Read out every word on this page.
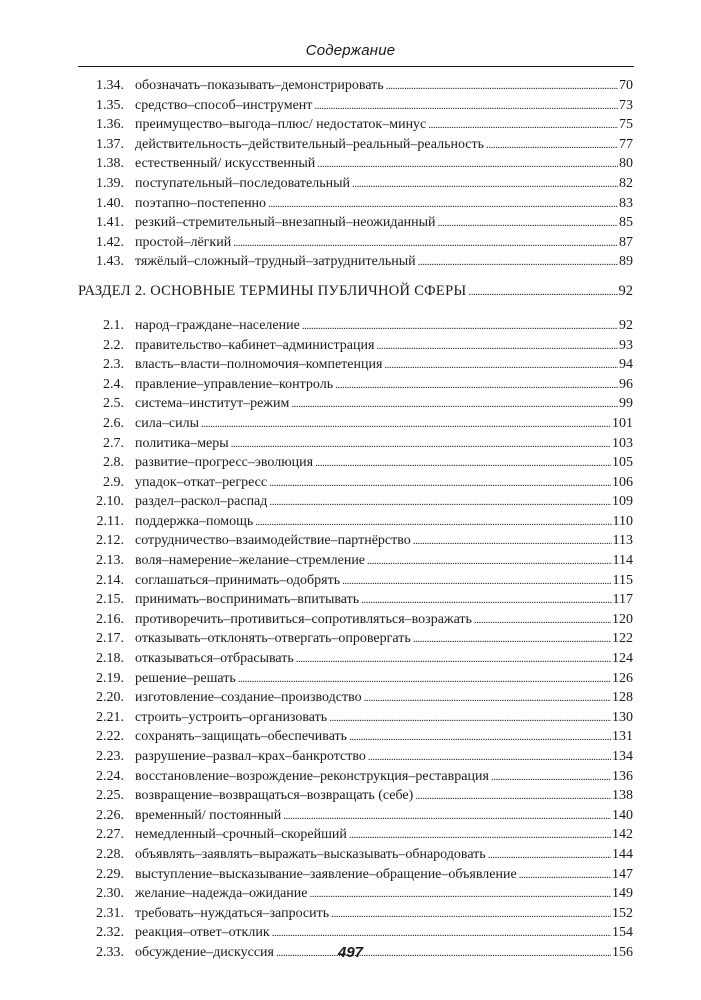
Содержание
1.34. обозначать–показывать–демонстрировать . . .	70
1.35. средство–способ–инструмент . . .	73
1.36. преимущество–выгода–плюс/ недостаток–минус . . .	75
1.37. действительность–действительный–реальный–реальность . . .	77
1.38. естественный/ искусственный . . .	80
1.39. поступательный–последовательный . . .	82
1.40. поэтапно–постепенно . . .	83
1.41. резкий–стремительный–внезапный–неожиданный . . .	85
1.42. простой–лёгкий . . .	87
1.43. тяжёлый–сложный–трудный–затруднительный . . .	89
РАЗДЕЛ 2. ОСНОВНЫЕ ТЕРМИНЫ ПУБЛИЧНОЙ СФЕРЫ . . .	92
2.1. народ–граждане–население . . .	92
2.2. правительство–кабинет–администрация . . .	93
2.3. власть–власти–полномочия–компетенция . . .	94
2.4. правление–управление–контроль . . .	96
2.5. система–институт–режим . . .	99
2.6. сила–силы . . .	101
2.7. политика–меры . . .	103
2.8. развитие–прогресс–эволюция . . .	105
2.9. упадок–откат–регресс . . .	106
2.10. раздел–раскол–распад . . .	109
2.11. поддержка–помощь . . .	110
2.12. сотрудничество–взаимодействие–партнёрство . . .	113
2.13. воля–намерение–желание–стремление . . .	114
2.14. соглашаться–принимать–одобрять . . .	115
2.15. принимать–воспринимать–впитывать . . .	117
2.16. противоречить–противиться–сопротивляться–возражать . . .	120
2.17. отказывать–отклонять–отвергать–опровергать . . .	122
2.18. отказываться–отбрасывать . . .	124
2.19. решение–решать . . .	126
2.20. изготовление–создание–производство . . .	128
2.21. строить–устроить–организовать . . .	130
2.22. сохранять–защищать–обеспечивать . . .	131
2.23. разрушение–развал–крах–банкротство . . .	134
2.24. восстановление–возрождение–реконструкция–реставрация . . .	136
2.25. возвращение–возвращаться–возвращать (себе) . . .	138
2.26. временный/ постоянный . . .	140
2.27. немедленный–срочный–скорейший . . .	142
2.28. объявлять–заявлять–выражать–высказывать–обнародовать . . .	144
2.29. выступление–высказывание–заявление–обращение–объявление . . .	147
2.30. желание–надежда–ожидание . . .	149
2.31. требовать–нуждаться–запросить . . .	152
2.32. реакция–ответ–отклик . . .	154
2.33. обсуждение–дискуссия . . .	156
497
